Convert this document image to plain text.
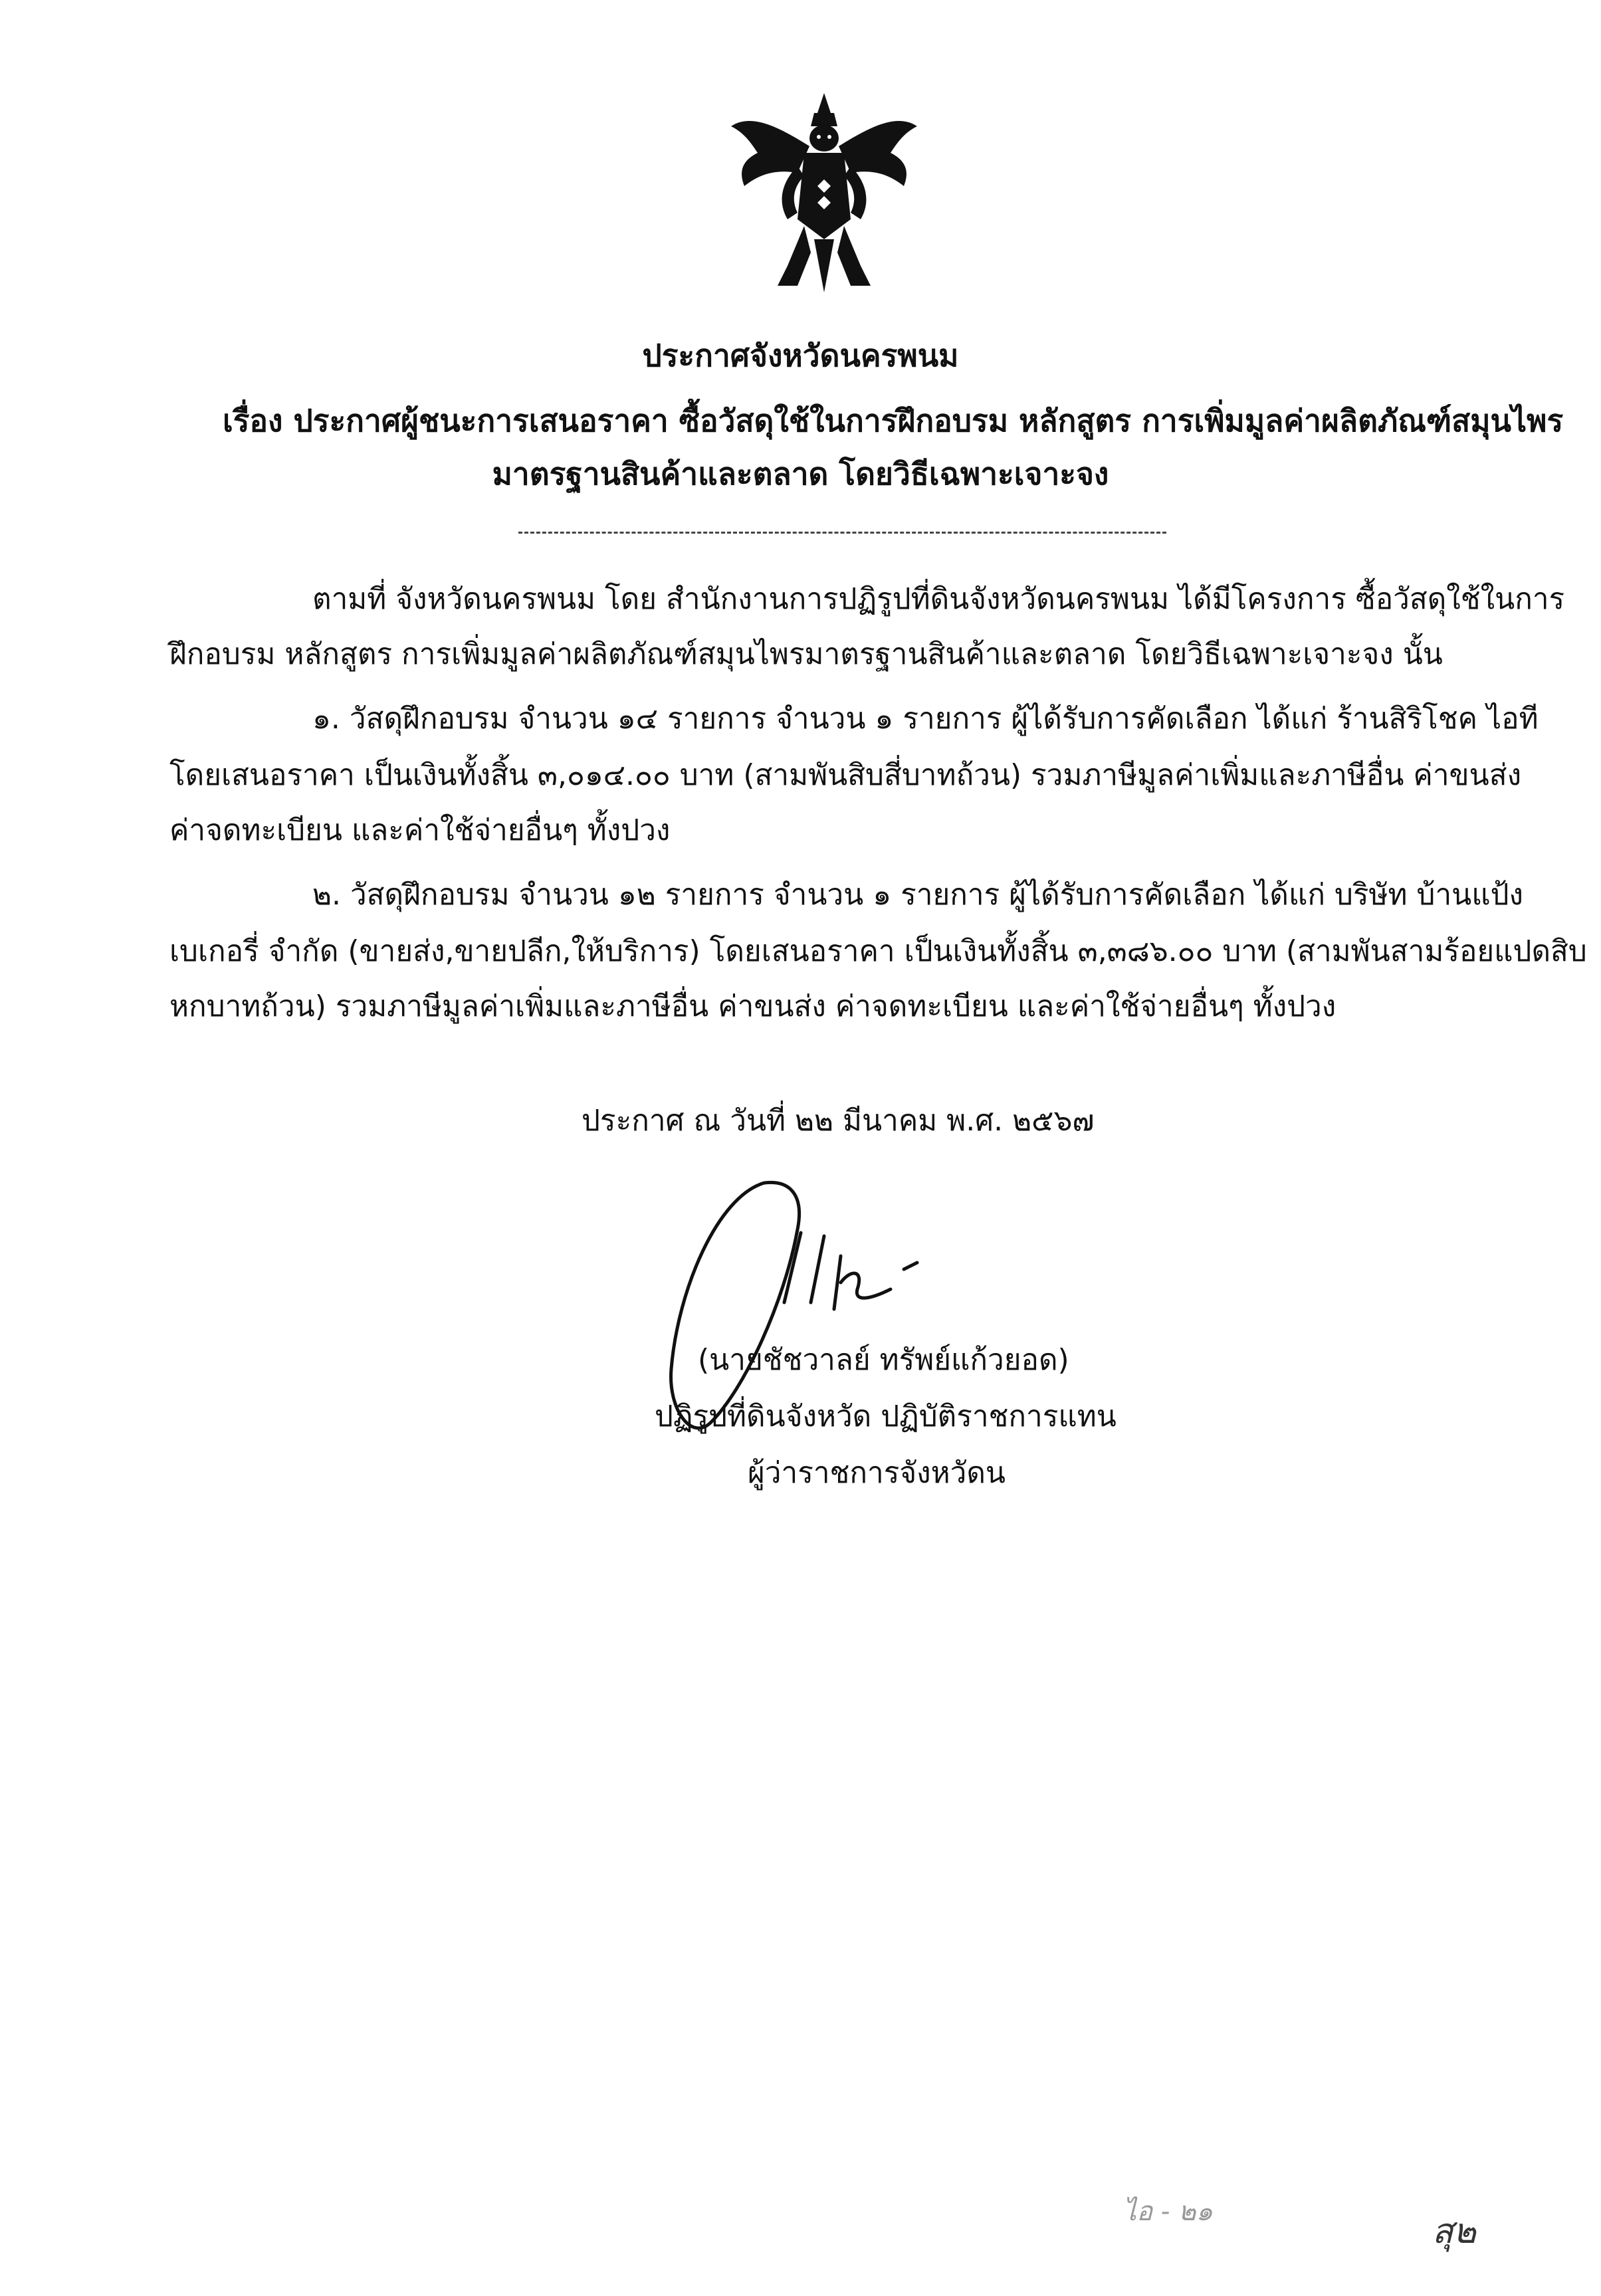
ประกาศจังหวัดนครพนม
เรื่อง ประกาศผู้ชนะการเสนอราคา ซื้อวัสดุใช้ในการฝึกอบรม หลักสูตร การเพิ่มมูลค่าผลิตภัณฑ์สมุนไพร
มาตรฐานสินค้าและตลาด โดยวิธีเฉพาะเจาะจง
ตามที่ จังหวัดนครพนม โดย สำนักงานการปฏิรูปที่ดินจังหวัดนครพนม ได้มีโครงการ ซื้อวัสดุใช้ในการ
ฝึกอบรม หลักสูตร การเพิ่มมูลค่าผลิตภัณฑ์สมุนไพรมาตรฐานสินค้าและตลาด โดยวิธีเฉพาะเจาะจง นั้น
๑. วัสดุฝึกอบรม จำนวน ๑๔ รายการ จำนวน ๑ รายการ ผู้ได้รับการคัดเลือก ได้แก่ ร้านสิริโชค ไอที
โดยเสนอราคา เป็นเงินทั้งสิ้น ๓,๐๑๔.๐๐ บาท (สามพันสิบสี่บาทถ้วน) รวมภาษีมูลค่าเพิ่มและภาษีอื่น ค่าขนส่ง
ค่าจดทะเบียน และค่าใช้จ่ายอื่นๆ ทั้งปวง
๒. วัสดุฝึกอบรม จำนวน ๑๒ รายการ จำนวน ๑ รายการ ผู้ได้รับการคัดเลือก ได้แก่ บริษัท บ้านแป้ง
เบเกอรี่ จำกัด (ขายส่ง,ขายปลีก,ให้บริการ) โดยเสนอราคา เป็นเงินทั้งสิ้น ๓,๓๘๖.๐๐ บาท (สามพันสามร้อยแปดสิบ
หกบาทถ้วน) รวมภาษีมูลค่าเพิ่มและภาษีอื่น ค่าขนส่ง ค่าจดทะเบียน และค่าใช้จ่ายอื่นๆ ทั้งปวง
ประกาศ ณ วันที่ ๒๒ มีนาคม พ.ศ. ๒๕๖๗
(นายชัชวาลย์ ทรัพย์แก้วยอด)
ปฏิรูปที่ดินจังหวัด ปฏิบัติราชการแทน
ผู้ว่าราชการจังหวัดน
ไอ - ๒๑	สุ๒
